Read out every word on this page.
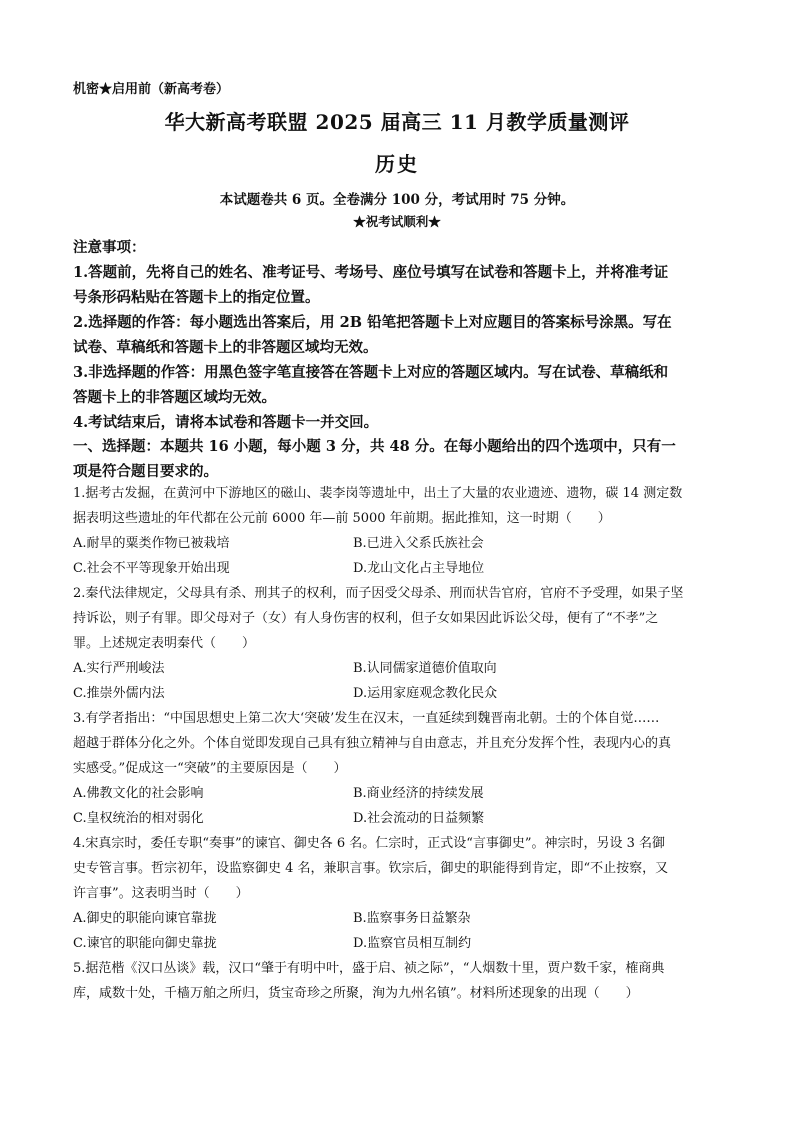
机密★启用前（新高考卷）
华大新高考联盟 2025 届高三 11 月教学质量测评
历史
本试题卷共 6 页。全卷满分 100 分，考试用时 75 分钟。
★祝考试顺利★
注意事项：
1.答题前，先将自己的姓名、准考证号、考场号、座位号填写在试卷和答题卡上，并将准考证
号条形码粘贴在答题卡上的指定位置。
2.选择题的作答：每小题选出答案后，用 2B 铅笔把答题卡上对应题目的答案标号涂黑。写在
试卷、草稿纸和答题卡上的非答题区域均无效。
3.非选择题的作答：用黑色签字笔直接答在答题卡上对应的答题区域内。写在试卷、草稿纸和
答题卡上的非答题区域均无效。
4.考试结束后，请将本试卷和答题卡一并交回。
一、选择题：本题共 16 小题，每小题 3 分，共 48 分。在每小题给出的四个选项中，只有一
项是符合题目要求的。
1.据考古发掘，在黄河中下游地区的磁山、裴李岗等遗址中，出土了大量的农业遗迹、遗物，碳 14 测定数
据表明这些遗址的年代都在公元前 6000 年—前 5000 年前期。据此推知，这一时期（　　）
A.耐旱的粟类作物已被栽培	B.已进入父系氏族社会
C.社会不平等现象开始出现	D.龙山文化占主导地位
2.秦代法律规定，父母具有杀、刑其子的权利，而子因受父母杀、刑而状告官府，官府不予受理，如果子坚
持诉讼，则子有罪。即父母对子（女）有人身伤害的权利，但子女如果因此诉讼父母，便有了“不孝”之
罪。上述规定表明秦代（　　）
A.实行严刑峻法	B.认同儒家道德价值取向
C.推崇外儒内法	D.运用家庭观念教化民众
3.有学者指出：“中国思想史上第二次大‘突破’发生在汉末，一直延续到魏晋南北朝。士的个体自觉……
超越于群体分化之外。个体自觉即发现自己具有独立精神与自由意志，并且充分发挥个性，表现内心的真
实感受。”促成这一“突破”的主要原因是（　　）
A.佛教文化的社会影响	B.商业经济的持续发展
C.皇权统治的相对弱化	D.社会流动的日益频繁
4.宋真宗时，委任专职“奏事”的谏官、御史各 6 名。仁宗时，正式设“言事御史”。神宗时，另设 3 名御
史专管言事。哲宗初年，设监察御史 4 名，兼职言事。钦宗后，御史的职能得到肯定，即“不止按察，又
许言事”。这表明当时（　　）
A.御史的职能向谏官靠拢	B.监察事务日益繁杂
C.谏官的职能向御史靠拢	D.监察官员相互制约
5.据范楷《汉口丛谈》载，汉口“肇于有明中叶，盛于启、祯之际”，“人烟数十里，贾户数千家，榷商典
库，咸数十处，千樯万舶之所归，货宝奇珍之所聚，洵为九州名镇”。材料所述现象的出现（　　）
